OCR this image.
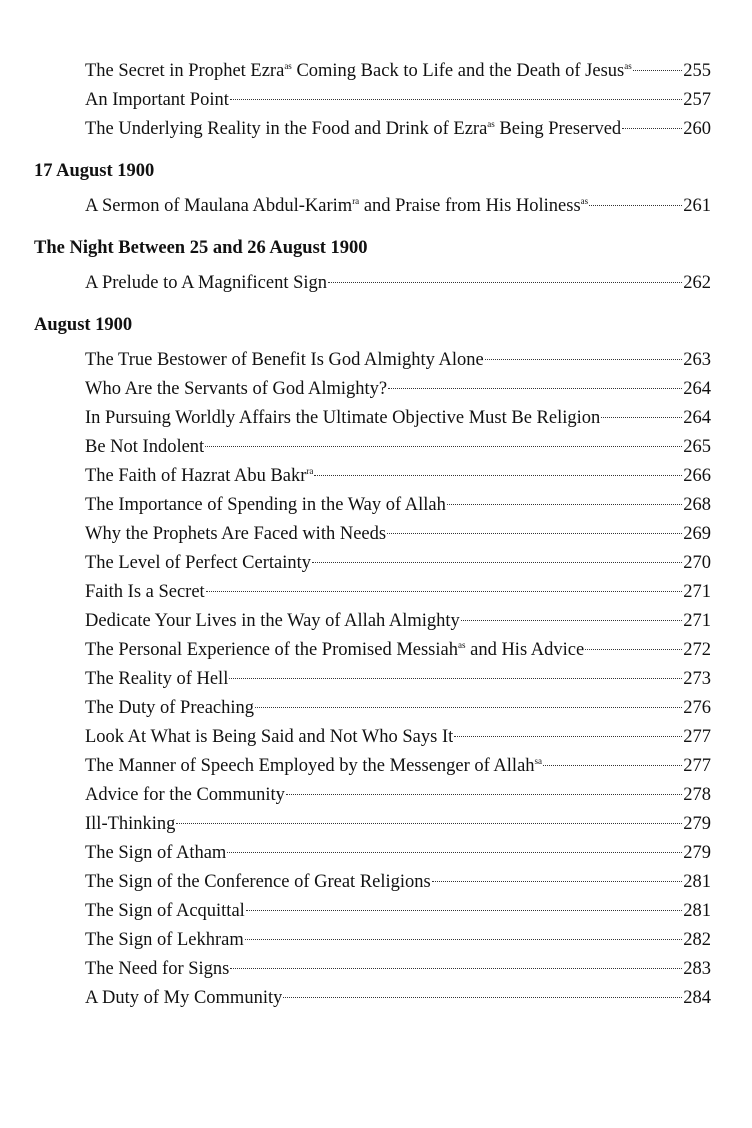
The Secret in Prophet Ezra$^{as}$ Coming Back to Life and the Death of Jesus$^{as}$	255
An Important Point	257
The Underlying Reality in the Food and Drink of Ezra$^{as}$ Being Preserved	260
17 August 1900
A Sermon of Maulana Abdul-Karim$^{ra}$ and Praise from His Holiness$^{as}$	261
The Night Between 25 and 26 August 1900
A Prelude to A Magnificent Sign	262
August 1900
The True Bestower of Benefit Is God Almighty Alone	263
Who Are the Servants of God Almighty?	264
In Pursuing Worldly Affairs the Ultimate Objective Must Be Religion	264
Be Not Indolent	265
The Faith of Hazrat Abu Bakr$^{ra}$	266
The Importance of Spending in the Way of Allah	268
Why the Prophets Are Faced with Needs	269
The Level of Perfect Certainty	270
Faith Is a Secret	271
Dedicate Your Lives in the Way of Allah Almighty	271
The Personal Experience of the Promised Messiah$^{as}$ and His Advice	272
The Reality of Hell	273
The Duty of Preaching	276
Look At What is Being Said and Not Who Says It	277
The Manner of Speech Employed by the Messenger of Allah$^{sa}$	277
Advice for the Community	278
Ill-Thinking	279
The Sign of Atham	279
The Sign of the Conference of Great Religions	281
The Sign of Acquittal	281
The Sign of Lekhram	282
The Need for Signs	283
A Duty of My Community	284
